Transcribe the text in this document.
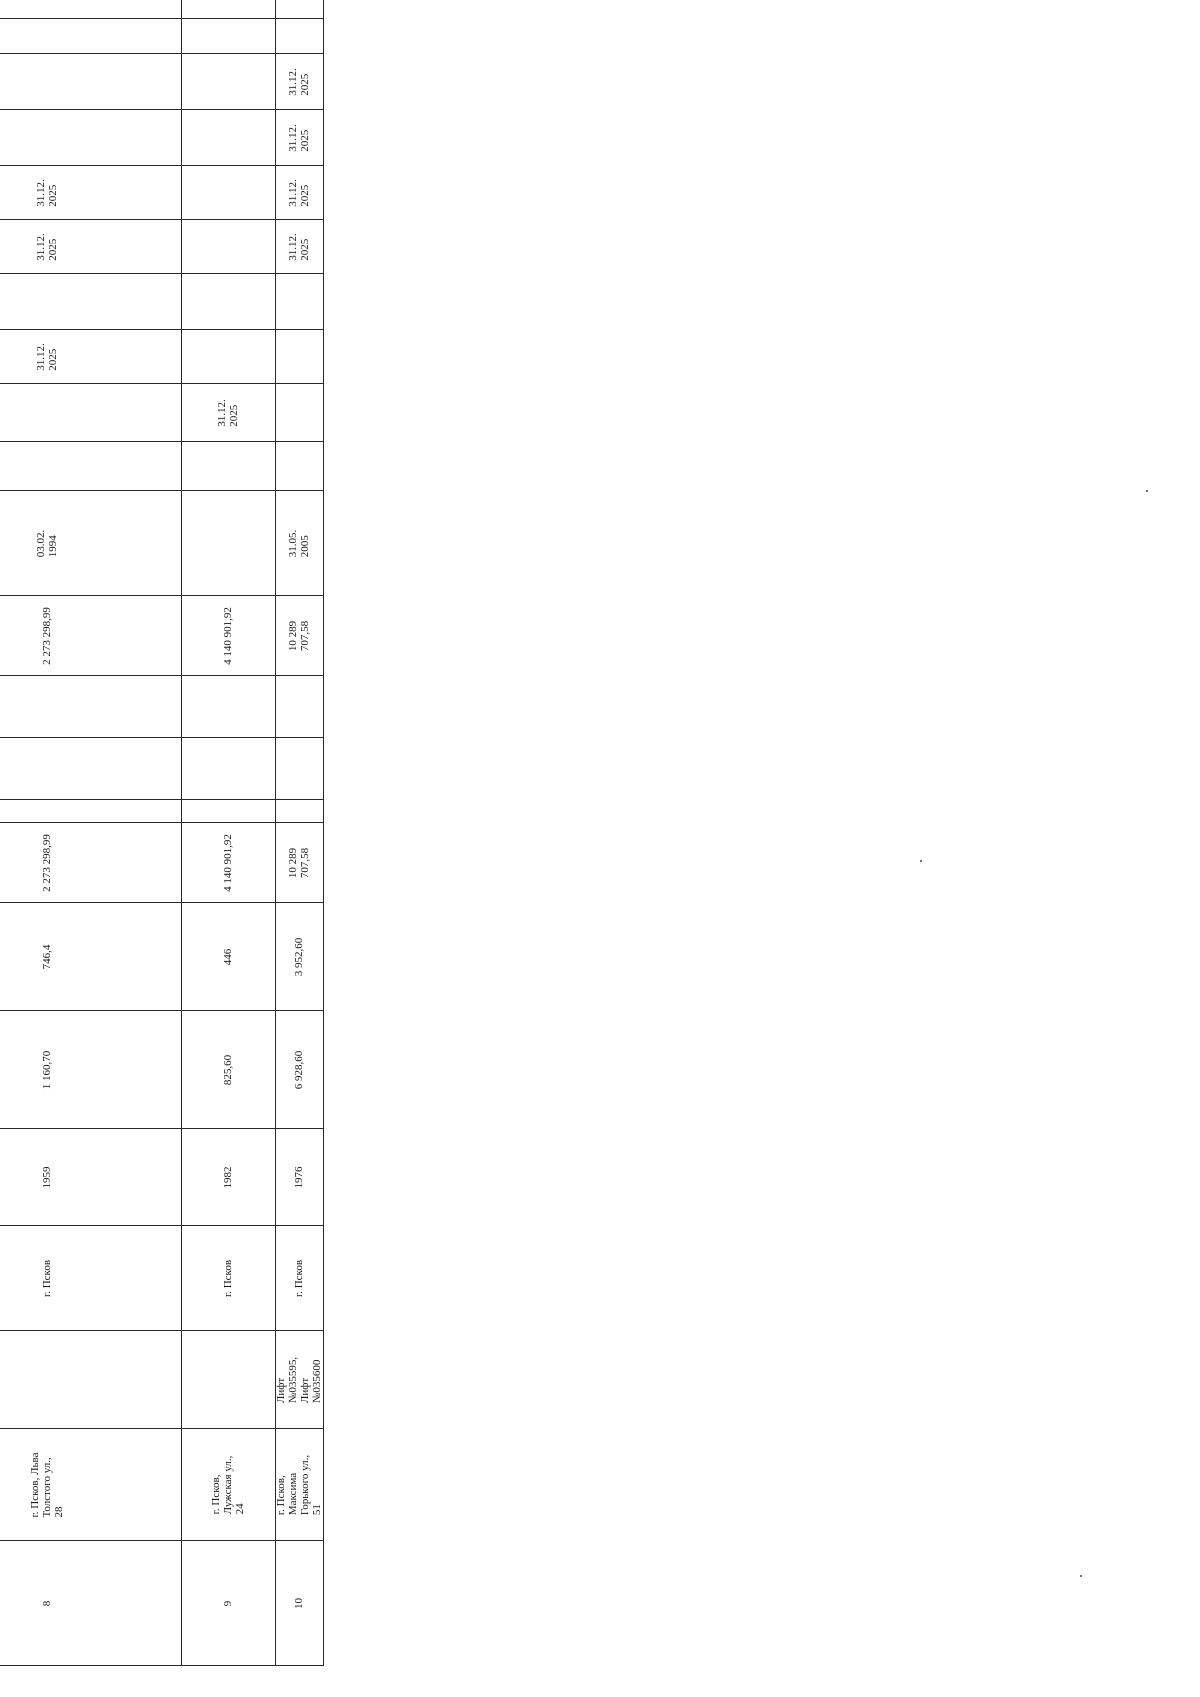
8
г. Псков, Льва
Толстого ул.,
28
г. Псков
1959
1 160,70
746,4
2 273 298,99
2 273 298,99
03.02.
1994
31.12.
2025
31.12.
2025
31.12.
2025
9
г. Псков,
Лужская ул.,
24
г. Псков
1982
825,60
446
4 140 901,92
4 140 901,92
31.12.
2025
10
г. Псков,
Максима
Горького ул.,
51
Лифт
№035595,
Лифт
№035600
г. Псков
1976
6 928,60
3 952,60
10 289
707,58
10 289
707,58
31.05.
2005
31.12.
2025
31.12.
2025
31.12.
2025
31.12.
2025
